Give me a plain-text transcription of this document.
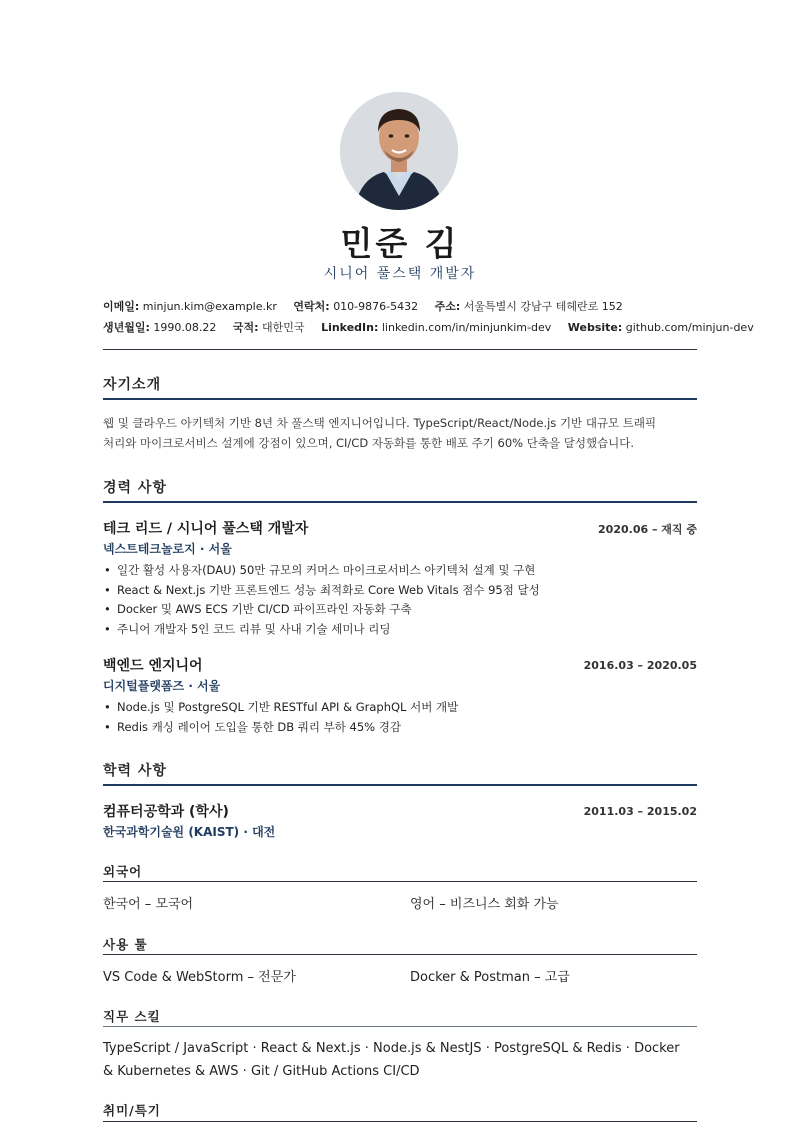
민준 김
시니어 풀스택 개발자
이메일: minjun.kim@example.kr 연락처: 010-9876-5432 주소: 서울특별시 강남구 테헤란로 152
생년월일: 1990.08.22 국적: 대한민국 LinkedIn: linkedin.com/in/minjunkim-dev Website: github.com/minjun-dev
자기소개
웹 및 클라우드 아키텍처 기반 8년 차 풀스택 엔지니어입니다. TypeScript/React/Node.js 기반 대규모 트래픽
처리와 마이크로서비스 설계에 강점이 있으며, CI/CD 자동화를 통한 배포 주기 60% 단축을 달성했습니다.
경력 사항
테크 리드 / 시니어 풀스택 개발자	2020.06 – 재직 중
넥스트테크놀로지 · 서울
• 일간 활성 사용자(DAU) 50만 규모의 커머스 마이크로서비스 아키텍처 설계 및 구현
• React & Next.js 기반 프론트엔드 성능 최적화로 Core Web Vitals 점수 95점 달성
• Docker 및 AWS ECS 기반 CI/CD 파이프라인 자동화 구축
• 주니어 개발자 5인 코드 리뷰 및 사내 기술 세미나 리딩
백엔드 엔지니어	2016.03 – 2020.05
디지털플랫폼즈 · 서울
• Node.js 및 PostgreSQL 기반 RESTful API & GraphQL 서버 개발
• Redis 캐싱 레이어 도입을 통한 DB 쿼리 부하 45% 경감
학력 사항
컴퓨터공학과 (학사)	2011.03 – 2015.02
한국과학기술원 (KAIST) · 대전
외국어
한국어 – 모국어	영어 – 비즈니스 회화 가능
사용 툴
VS Code & WebStorm – 전문가	Docker & Postman – 고급
직무 스킬
TypeScript / JavaScript · React & Next.js · Node.js & NestJS · PostgreSQL & Redis · Docker
& Kubernetes & AWS · Git / GitHub Actions CI/CD
취미/특기
